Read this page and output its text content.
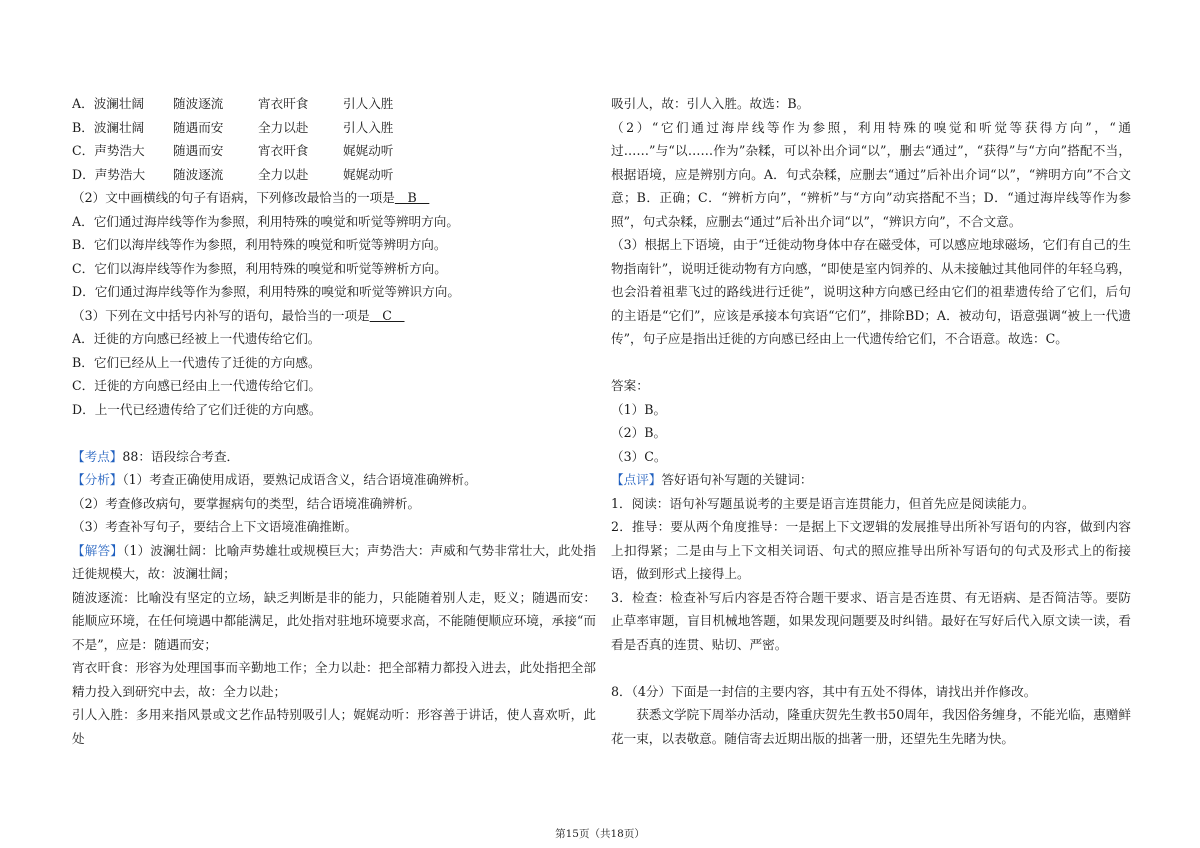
A．波澜壮阔 随波逐流	宵衣旰食	引人入胜
B．波澜壮阔 随遇而安	全力以赴	引人入胜
C．声势浩大 随遇而安	宵衣旰食	娓娓动听
D．声势浩大 随波逐流	全力以赴	娓娓动听
（2）文中画横线的句子有语病，下列修改最恰当的一项是　B　
A．它们通过海岸线等作为参照，利用特殊的嗅觉和听觉等辨明方向。
B．它们以海岸线等作为参照，利用特殊的嗅觉和听觉等辨明方向。
C．它们以海岸线等作为参照，利用特殊的嗅觉和听觉等辨析方向。
D．它们通过海岸线等作为参照，利用特殊的嗅觉和听觉等辨识方向。
（3）下列在文中括号内补写的语句，最恰当的一项是　C　
A．迁徙的方向感已经被上一代遗传给它们。
B．它们已经从上一代遗传了迁徙的方向感。
C．迁徙的方向感已经由上一代遗传给它们。
D．上一代已经遗传给了它们迁徙的方向感。
【考点】88：语段综合考查．
【分析】（1）考查正确使用成语，要熟记成语含义，结合语境准确辨析。
（2）考查修改病句，要掌握病句的类型，结合语境准确辨析。
（3）考查补写句子，要结合上下文语境准确推断。
【解答】（1）波澜壮阔：比喻声势雄壮或规模巨大；声势浩大：声威和气势非常壮大，此处指迁徙规模大，故：波澜壮阔；
随波逐流：比喻没有坚定的立场，缺乏判断是非的能力，只能随着别人走，贬义；随遇而安：能顺应环境，在任何境遇中都能满足，此处指对驻地环境要求高，不能随便顺应环境，承接“而不是”，应是：随遇而安；
宵衣旰食：形容为处理国事而辛勤地工作；全力以赴：把全部精力都投入进去，此处指把全部精力投入到研究中去，故：全力以赴；
引人入胜：多用来指风景或文艺作品特别吸引人；娓娓动听：形容善于讲话，使人喜欢听，此处
吸引人，故：引人入胜。故选：B。
（2）“它们通过海岸线等作为参照，利用特殊的嗅觉和听觉等获得方向”，“通过……”与“以……作为”杂糅，可以补出介词“以”，删去“通过”，“获得”与“方向”搭配不当，根据语境，应是辨别方向。A．句式杂糅，应删去“通过”后补出介词“以”，“辨明方向”不合文意；B．正确；C．“辨析方向”，“辨析”与“方向”动宾搭配不当；D．“通过海岸线等作为参照”，句式杂糅，应删去“通过”后补出介词“以”，“辨识方向”，不合文意。
（3）根据上下语境，由于“迁徙动物身体中存在磁受体，可以感应地球磁场，它们有自己的生物指南针”，说明迁徙动物有方向感，“即使是室内饲养的、从未接触过其他同伴的年轻乌鸦，也会沿着祖辈飞过的路线进行迁徙”，说明这种方向感已经由它们的祖辈遗传给了它们，后句的主语是“它们”，应该是承接本句宾语“它们”，排除BD；A．被动句，语意强调“被上一代遗传”，句子应是指出迁徙的方向感已经由上一代遗传给它们，不合语意。故选：C。
答案：
（1）B。
（2）B。
（3）C。
【点评】答好语句补写题的关键词：
1．阅读：语句补写题虽说考的主要是语言连贯能力，但首先应是阅读能力。
2．推导：要从两个角度推导：一是据上下文逻辑的发展推导出所补写语句的内容，做到内容上扣得紧；二是由与上下文相关词语、句式的照应推导出所补写语句的句式及形式上的衔接语，做到形式上接得上。
3．检查：检查补写后内容是否符合题干要求、语言是否连贯、有无语病、是否简洁等。要防止草率审题，盲目机械地答题，如果发现问题要及时纠错。最好在写好后代入原文读一读，看看是否真的连贯、贴切、严密。
8．（4分）下面是一封信的主要内容，其中有五处不得体，请找出并作修改。
获悉文学院下周举办活动，隆重庆贺先生教书50周年，我因俗务缠身，不能光临，惠赠鲜花一束，以表敬意。随信寄去近期出版的拙著一册，还望先生先睹为快。
第15页（共18页）
